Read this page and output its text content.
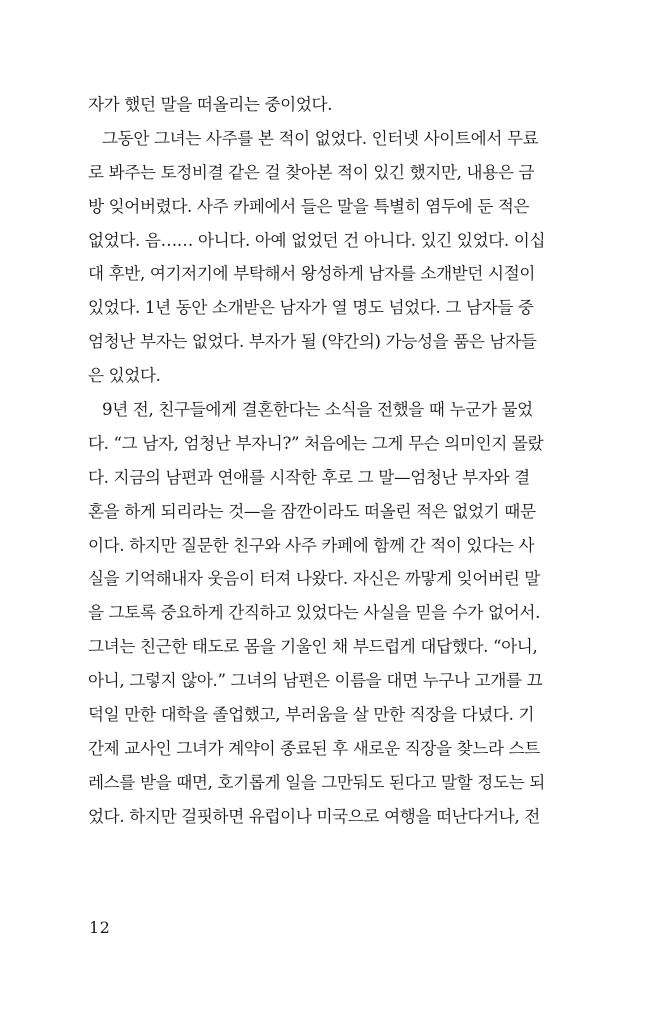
자가 했던 말을 떠올리는 중이었다.
그동안 그녀는 사주를 본 적이 없었다. 인터넷 사이트에서 무료
로 봐주는 토정비결 같은 걸 찾아본 적이 있긴 했지만, 내용은 금
방 잊어버렸다. 사주 카페에서 들은 말을 특별히 염두에 둔 적은
없었다. 음…… 아니다. 아예 없었던 건 아니다. 있긴 있었다. 이십
대 후반, 여기저기에 부탁해서 왕성하게 남자를 소개받던 시절이
있었다. 1년 동안 소개받은 남자가 열 명도 넘었다. 그 남자들 중
엄청난 부자는 없었다. 부자가 될 (약간의) 가능성을 품은 남자들
은 있었다.
9년 전, 친구들에게 결혼한다는 소식을 전했을 때 누군가 물었
다. “그 남자, 엄청난 부자니?” 처음에는 그게 무슨 의미인지 몰랐
다. 지금의 남편과 연애를 시작한 후로 그 말—엄청난 부자와 결
혼을 하게 되리라는 것—을 잠깐이라도 떠올린 적은 없었기 때문
이다. 하지만 질문한 친구와 사주 카페에 함께 간 적이 있다는 사
실을 기억해내자 웃음이 터져 나왔다. 자신은 까맣게 잊어버린 말
을 그토록 중요하게 간직하고 있었다는 사실을 믿을 수가 없어서.
그녀는 친근한 태도로 몸을 기울인 채 부드럽게 대답했다. “아니,
아니, 그렇지 않아.” 그녀의 남편은 이름을 대면 누구나 고개를 끄
덕일 만한 대학을 졸업했고, 부러움을 살 만한 직장을 다녔다. 기
간제 교사인 그녀가 계약이 종료된 후 새로운 직장을 찾느라 스트
레스를 받을 때면, 호기롭게 일을 그만둬도 된다고 말할 정도는 되
었다. 하지만 걸핏하면 유럽이나 미국으로 여행을 떠난다거나, 전
12
